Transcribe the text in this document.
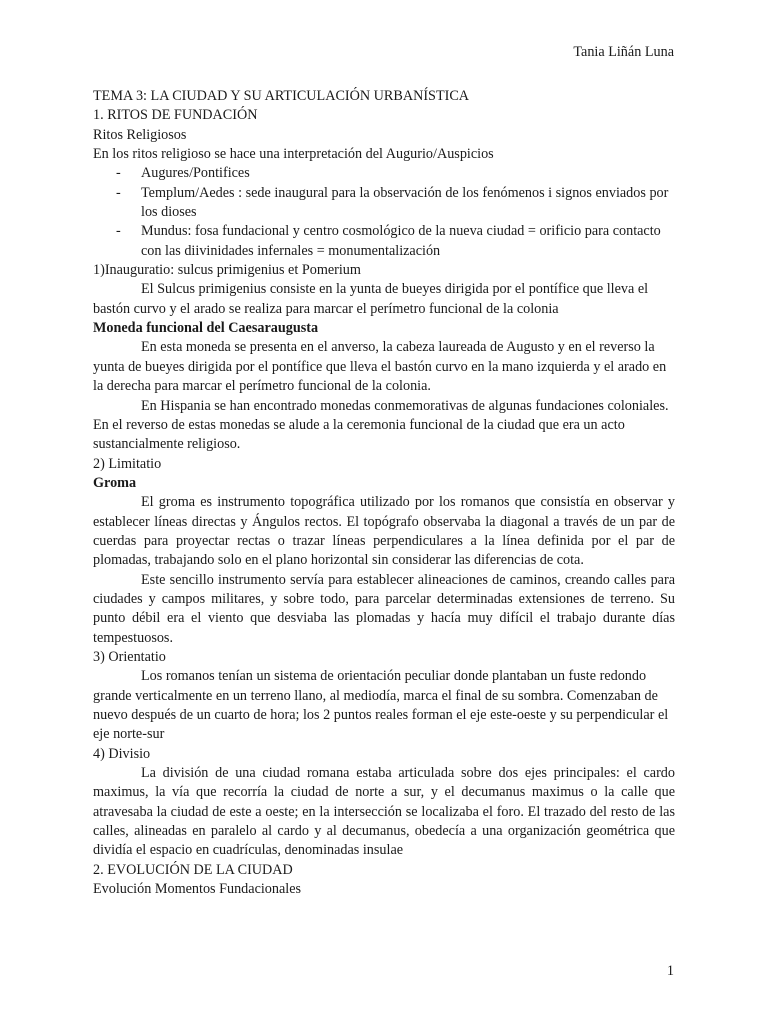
Tania Liñán Luna

TEMA 3: LA CIUDAD Y SU ARTICULACIÓN URBANÍSTICA

1. RITOS DE FUNDACIÓN

Ritos Religiosos

En los ritos religioso se hace una interpretación del Augurio/Auspicios

- Augures/Pontifices
- Templum/Aedes : sede inaugural para la observación de los fenómenos i signos enviados por los dioses
- Mundus: fosa fundacional y centro cosmológico de la nueva ciudad = orificio para contacto con las diivinidades infernales = monumentalización

1)Inauguratio: sulcus primigenius et Pomerium

El Sulcus primigenius consiste en la yunta de bueyes dirigida por el pontífice que lleva el bastón curvo y el arado se realiza para marcar el perímetro funcional de la colonia

Moneda funcional del Caesaraugusta

En esta moneda se presenta en el anverso, la cabeza laureada de Augusto y en el reverso la yunta de bueyes dirigida por el pontífice que lleva el bastón curvo en la mano izquierda y el arado en la derecha para marcar el perímetro funcional de la colonia.

En Hispania se han encontrado monedas conmemorativas de algunas fundaciones coloniales. En el reverso de estas monedas se alude a la ceremonia funcional de la ciudad que era un acto sustancialmente religioso.

2) Limitatio

Groma

El groma es instrumento topográfica utilizado por los romanos que consistía en observar y establecer líneas directas y Ángulos rectos. El topógrafo observaba la diagonal a través de un par de cuerdas para proyectar rectas o trazar líneas perpendiculares a la línea definida por el par de plomadas, trabajando solo en el plano horizontal sin considerar las diferencias de cota.

Este sencillo instrumento servía para establecer alineaciones de caminos, creando calles para ciudades y campos militares, y sobre todo, para parcelar determinadas extensiones de terreno. Su punto débil era el viento que desviaba las plomadas y hacía muy difícil el trabajo durante días tempestuosos.

3) Orientatio

Los romanos tenían un sistema de orientación peculiar donde plantaban un fuste redondo grande verticalmente en un terreno llano, al mediodía, marca el final de su sombra. Comenzaban de nuevo después de un cuarto de hora; los 2 puntos reales forman el eje este-oeste y su perpendicular el eje norte-sur

4) Divisio

La división de una ciudad romana estaba articulada sobre dos ejes principales: el cardo maximus, la vía que recorría la ciudad de norte a sur, y el decumanus maximus o la calle que atravesaba la ciudad de este a oeste; en la intersección se localizaba el foro. El trazado del resto de las calles, alineadas en paralelo al cardo y al decumanus, obedecía a una organización geométrica que dividía el espacio en cuadrículas, denominadas insulae

2. EVOLUCIÓN DE LA CIUDAD

Evolución Momentos Fundacionales

1
